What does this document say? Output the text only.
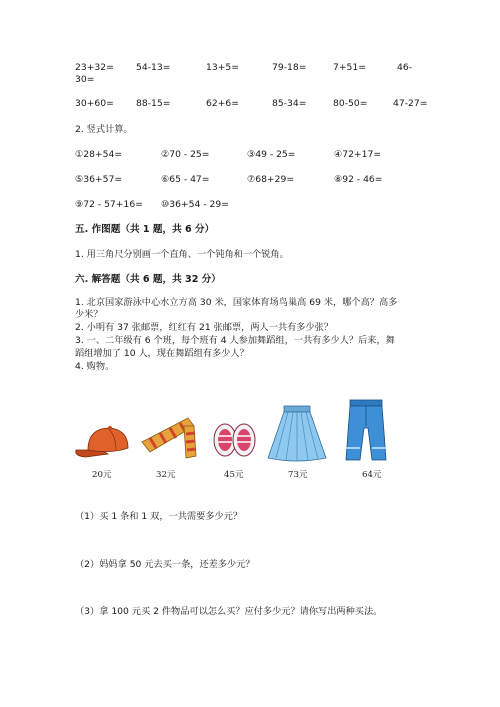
23+32= 54-13=	13+5=	79-18=	7+51=	46-
30=
30+60= 88-15=	62+6=	85-34=	80-50=	47-27=
2. 竖式计算。
①28+54=	②70 - 25=	③49 - 25=	④72+17=
⑤36+57=	⑥65 - 47=	⑦68+29=	⑧92 - 46=
⑨72 - 57+16= ⑩36+54 - 29=
五. 作图题（共 1 题，共 6 分）
1. 用三角尺分别画一个直角、一个钝角和一个锐角。
六. 解答题（共 6 题，共 32 分）
1. 北京国家游泳中心水立方高 30 米，国家体育场鸟巢高 69 米，哪个高？高多
少米？
2. 小明有 37 张邮票，红红有 21 张邮票，两人一共有多少张？
3. 一、二年级有 6 个班，每个班有 4 人参加舞蹈组，一共有多少人？后来，舞
蹈组增加了 10 人，现在舞蹈组有多少人？
4. 购物。
20元	32元	45元	73元	64元
（1）买 1 条和 1 双，一共需要多少元？
（2）妈妈拿 50 元去买一条，还差多少元？
（3）拿 100 元买 2 件物品可以怎么买？应付多少元？请你写出两种买法。
